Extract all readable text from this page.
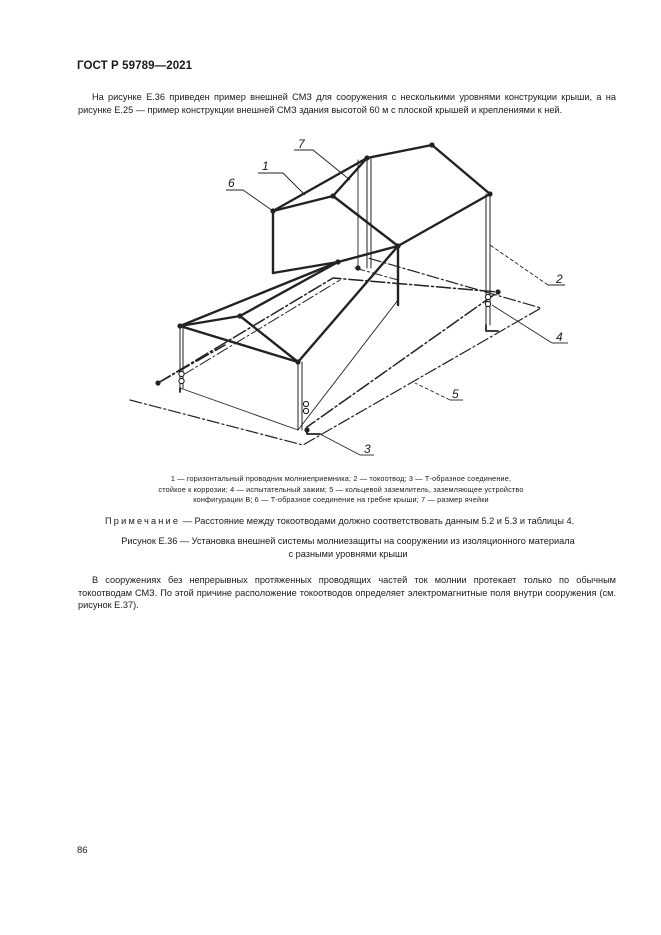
ГОСТ Р 59789—2021
На рисунке Е.36 приведен пример внешней СМЗ для сооружения с несколькими уровнями конструкции крыши, а на рисунке Е.25 — пример конструкции внешней СМЗ здания высотой 60 м с плоской крышей и креплениями к ней.
1
2
3
4
5
6
7
1 — горизонтальный проводник молниеприемника; 2 — токоотвод; 3 — Т-образное соединение,
стойкое к коррозии; 4 — испытательный зажим; 5 — кольцевой заземлитель, заземляющее устройство
конфигурации В; 6 — Т-образное соединение на гребне крыши; 7 — размер ячейки
Примечание — Расстояние между токоотводами должно соответствовать данным 5.2 и 5.3 и таблицы 4.
Рисунок Е.36 — Установка внешней системы молниезащиты на сооружении из изоляционного материала
с разными уровнями крыши
В сооружениях без непрерывных протяженных проводящих частей ток молнии протекает только по обычным токоотводам СМЗ. По этой причине расположение токоотводов определяет электромагнитные поля внутри сооружения (см. рисунок Е.37).
86
